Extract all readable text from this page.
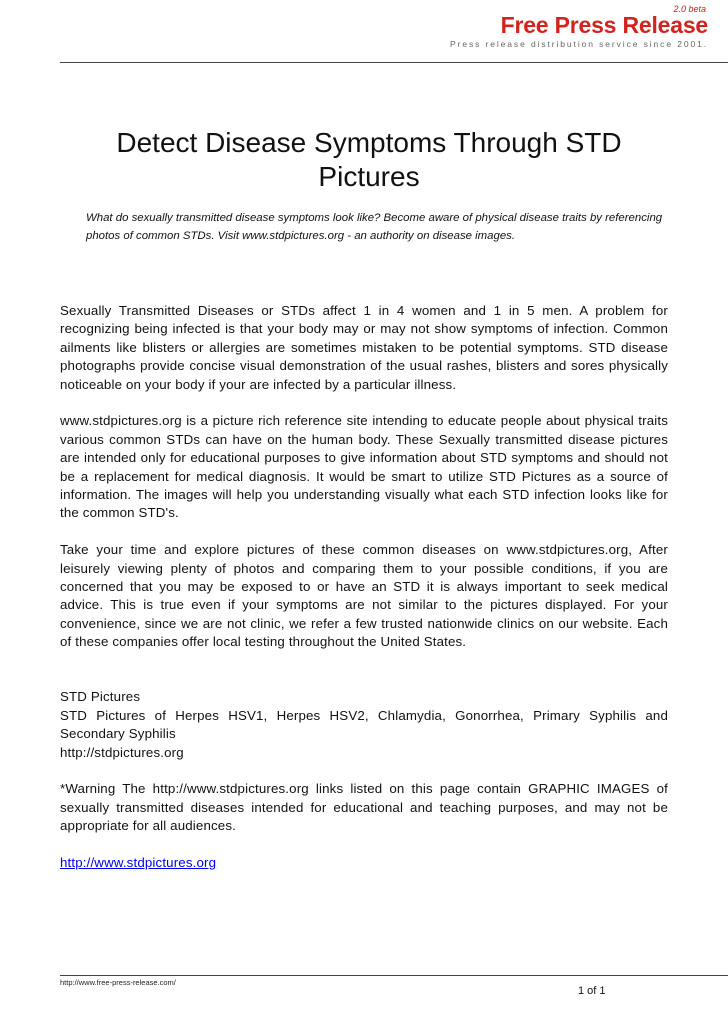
2.0 beta
Free Press Release
Press release distribution service since 2001.
Detect Disease Symptoms Through STD Pictures
What do sexually transmitted disease symptoms look like? Become aware of physical disease traits by referencing photos of common STDs. Visit www.stdpictures.org - an authority on disease images.

Sexually Transmitted Diseases or STDs affect 1 in 4 women and 1 in 5 men. A problem for recognizing being infected is that your body may or may not show symptoms of infection. Common ailments like blisters or allergies are sometimes mistaken to be potential symptoms. STD disease photographs provide concise visual demonstration of the usual rashes, blisters and sores physically noticeable on your body if your are infected by a particular illness.

www.stdpictures.org is a picture rich reference site intending to educate people about physical traits various common STDs can have on the human body. These Sexually transmitted disease pictures are intended only for educational purposes to give information about STD symptoms and should not be a replacement for medical diagnosis. It would be smart to utilize STD Pictures as a source of information. The images will help you understanding visually what each STD infection looks like for the common STD's.

Take your time and explore pictures of these common diseases on www.stdpictures.org, After leisurely viewing plenty of photos and comparing them to your possible conditions, if you are concerned that you may be exposed to or have an STD it is always important to seek medical advice. This is true even if your symptoms are not similar to the pictures displayed. For your convenience, since we are not clinic, we refer a few trusted nationwide clinics on our website. Each of these companies offer local testing throughout the United States.

STD Pictures
STD Pictures of Herpes HSV1, Herpes HSV2, Chlamydia, Gonorrhea, Primary Syphilis and Secondary Syphilis
http://stdpictures.org

*Warning The http://www.stdpictures.org links listed on this page contain GRAPHIC IMAGES of sexually transmitted diseases intended for educational and teaching purposes, and may not be appropriate for all audiences.

http://www.stdpictures.org

http://www.free-press-release.com/
1 of 1
